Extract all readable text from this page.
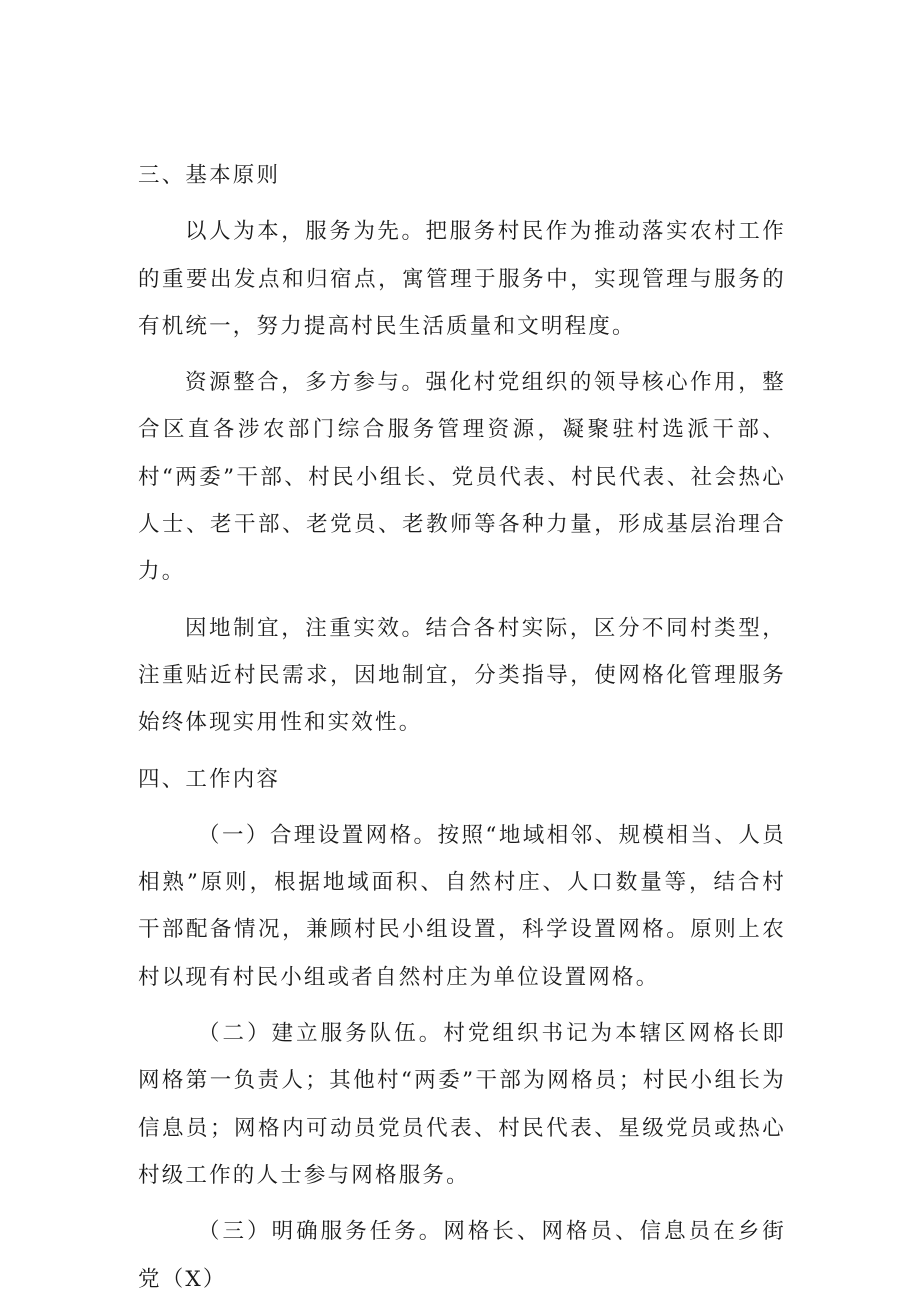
三、基本原则

以人为本，服务为先。把服务村民作为推动落实农村工作的重要出发点和归宿点，寓管理于服务中，实现管理与服务的有机统一，努力提高村民生活质量和文明程度。

资源整合，多方参与。强化村党组织的领导核心作用，整合区直各涉农部门综合服务管理资源，凝聚驻村选派干部、村“两委”干部、村民小组长、党员代表、村民代表、社会热心人士、老干部、老党员、老教师等各种力量，形成基层治理合力。

因地制宜，注重实效。结合各村实际，区分不同村类型，注重贴近村民需求，因地制宜，分类指导，使网格化管理服务始终体现实用性和实效性。

四、工作内容

（一）合理设置网格。按照“地域相邻、规模相当、人员相熟”原则，根据地域面积、自然村庄、人口数量等，结合村干部配备情况，兼顾村民小组设置，科学设置网格。原则上农村以现有村民小组或者自然村庄为单位设置网格。

（二）建立服务队伍。村党组织书记为本辖区网格长即网格第一负责人；其他村“两委”干部为网格员；村民小组长为信息员；网格内可动员党员代表、村民代表、星级党员或热心村级工作的人士参与网格服务。

（三）明确服务任务。网格长、网格员、信息员在乡街党（X）
